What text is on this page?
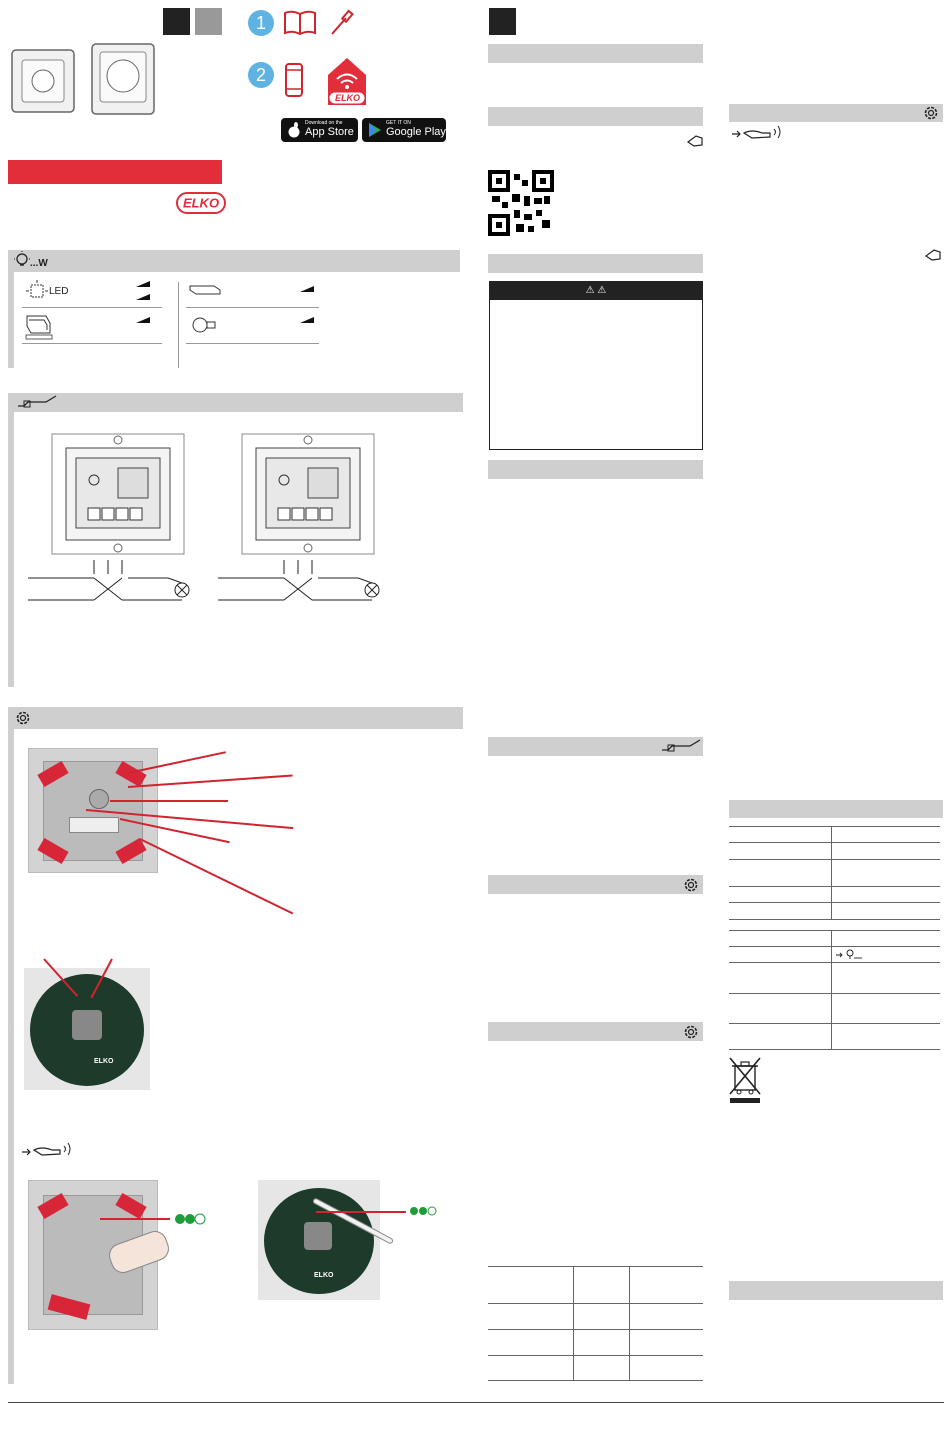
1
2
ELKO
Download on the
App Store
GET IT ON
Google Play
ELKO
...W
LED
ELKO
ELKO
⚠ ⚠
